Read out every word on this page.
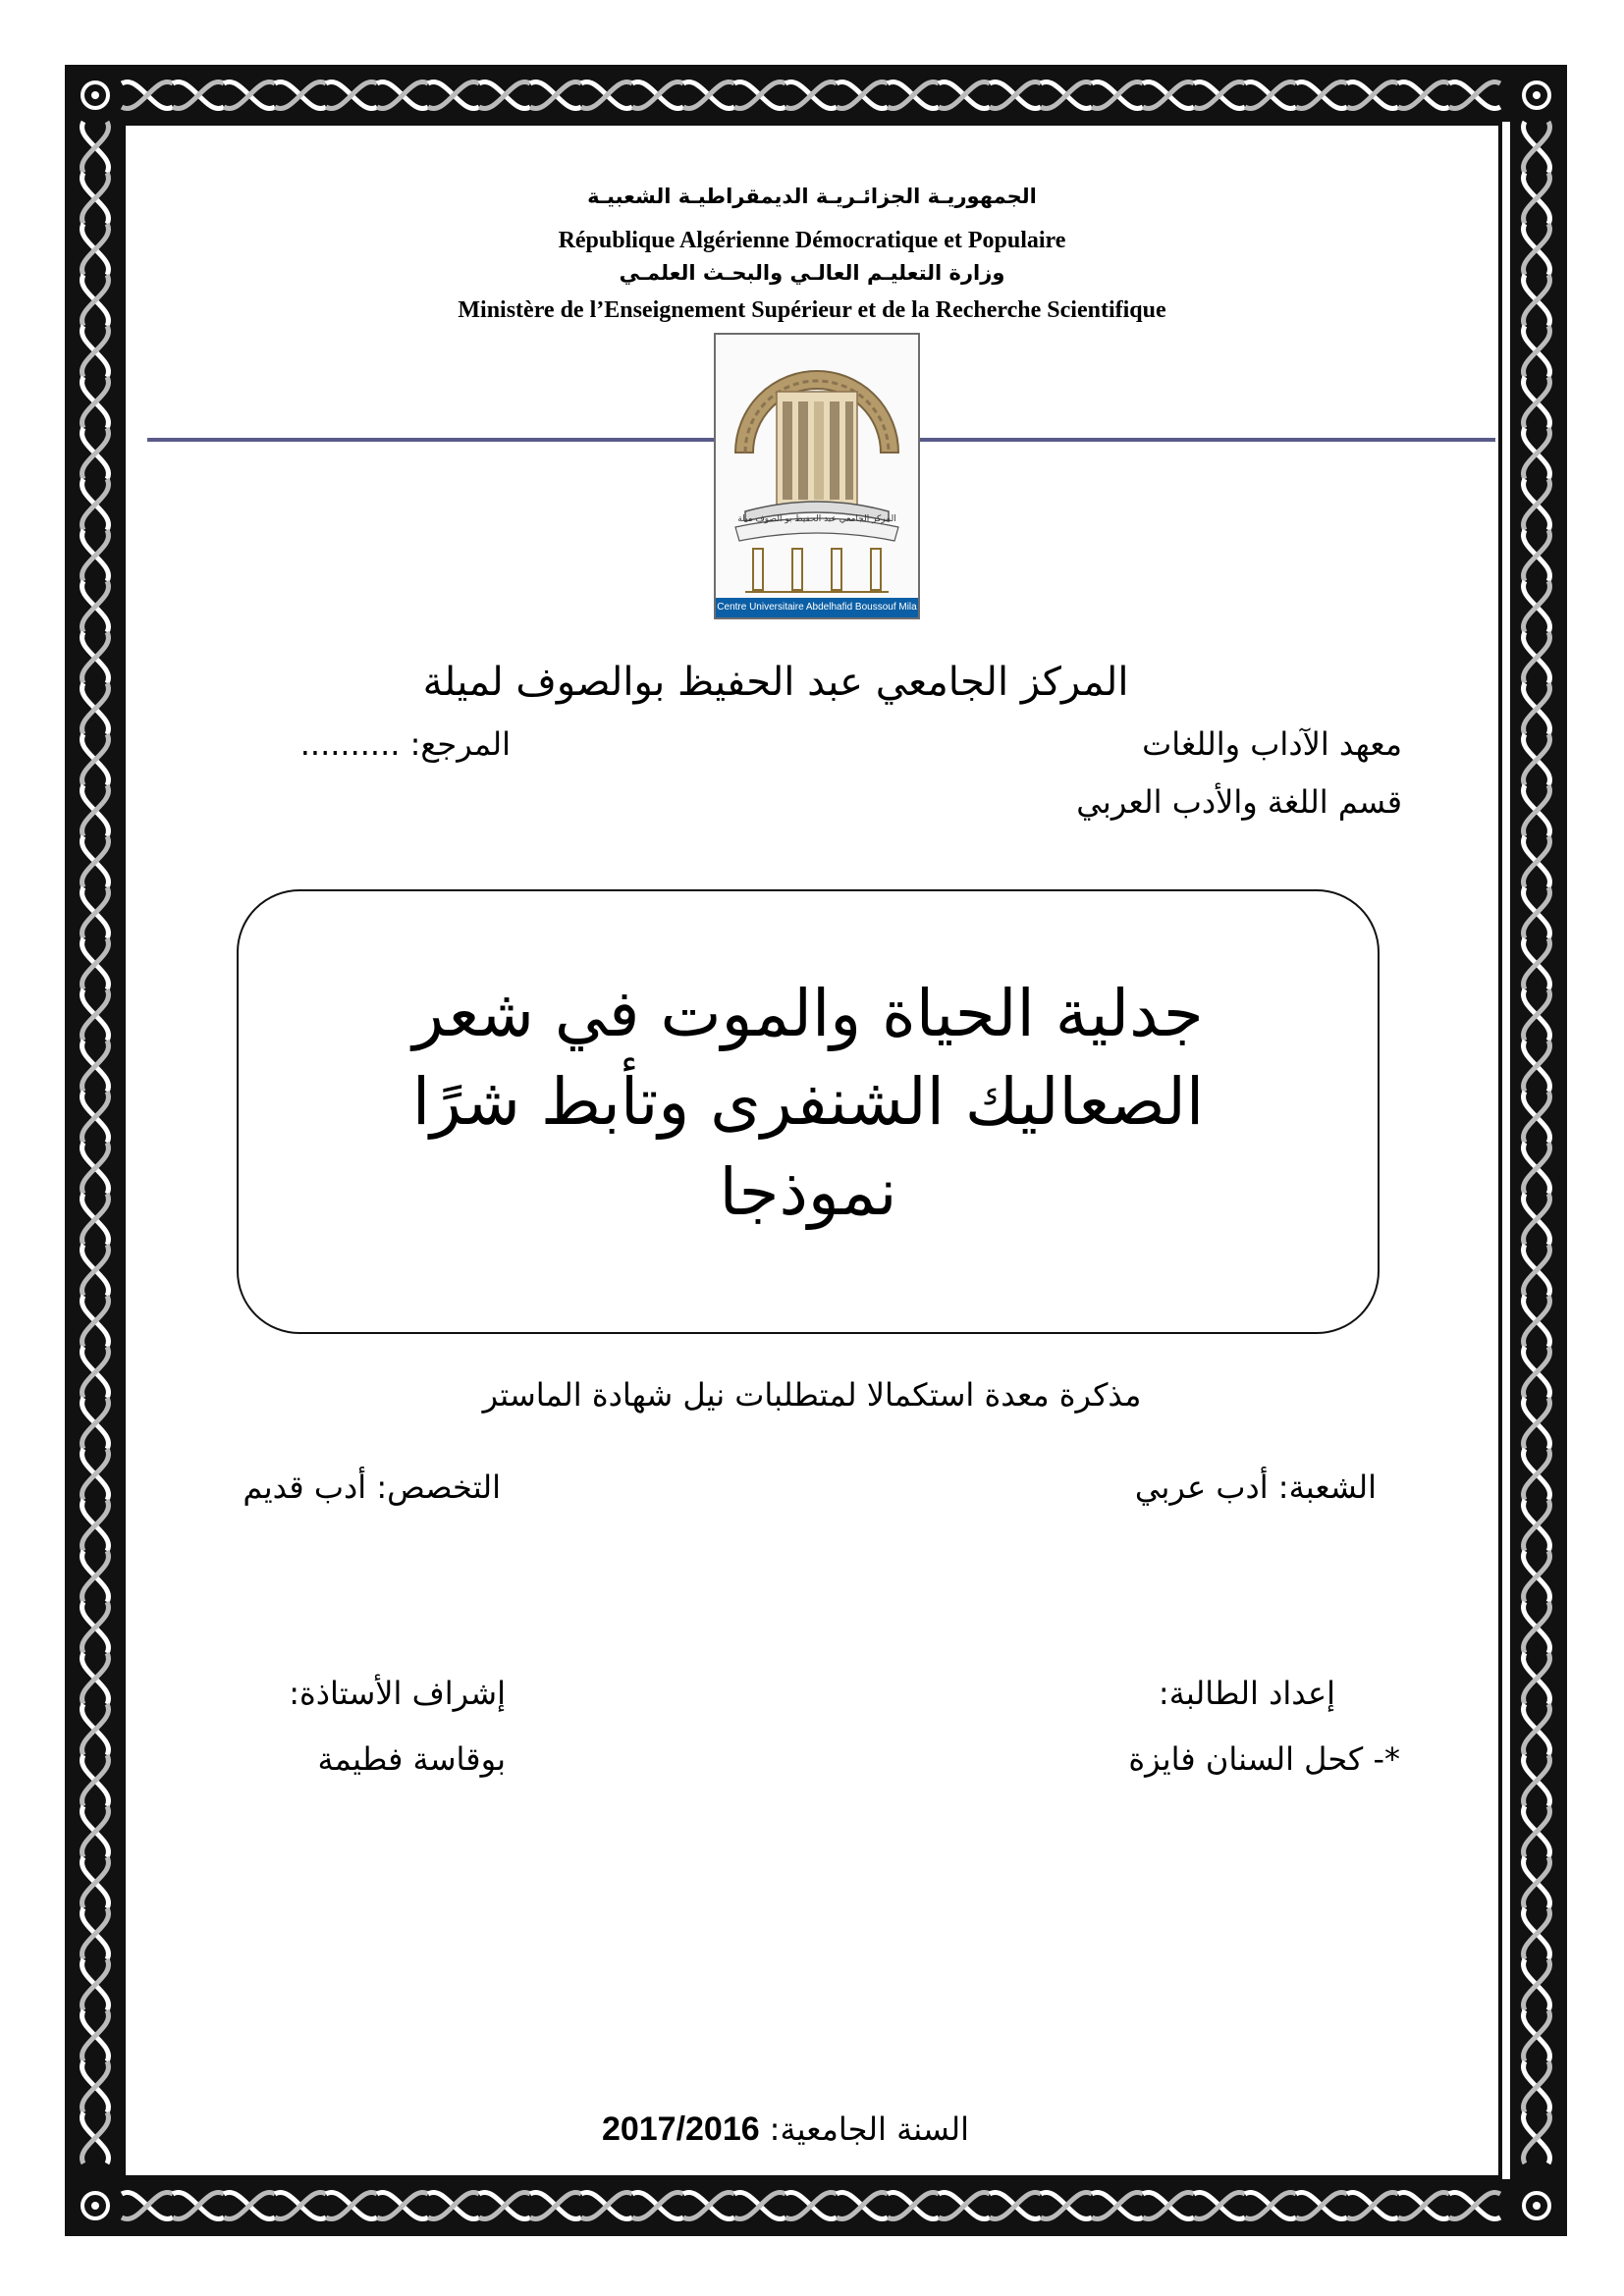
الجمهوريـة الجزائـريـة الديمقراطيـة الشعبيـة
République Algérienne Démocratique et Populaire
وزارة التعليـم العالـي والبحـث العلمـي
Ministère de l’Enseignement Supérieur et de la Recherche Scientifique
المركز الجامعي عبد الحفيظ بو الصوف ميلة
Centre Universitaire Abdelhafid Boussouf Mila
المركز الجامعي عبد الحفيظ بوالصوف لميلة
معهد الآداب واللغات
المرجع: ..........
قسم اللغة والأدب العربي
جدلية الحياة والموت في شعر
الصعاليك الشنفرى وتأبط شرًا
نموذجا
مذكرة معدة استكمالا لمتطلبات نيل شهادة الماستر
الشعبة: أدب عربي
التخصص: أدب قديم
إعداد الطالبة:
إشراف الأستاذة:
*- كحل السنان فايزة
بوقاسة فطيمة
2017/2016 السنة الجامعية:
